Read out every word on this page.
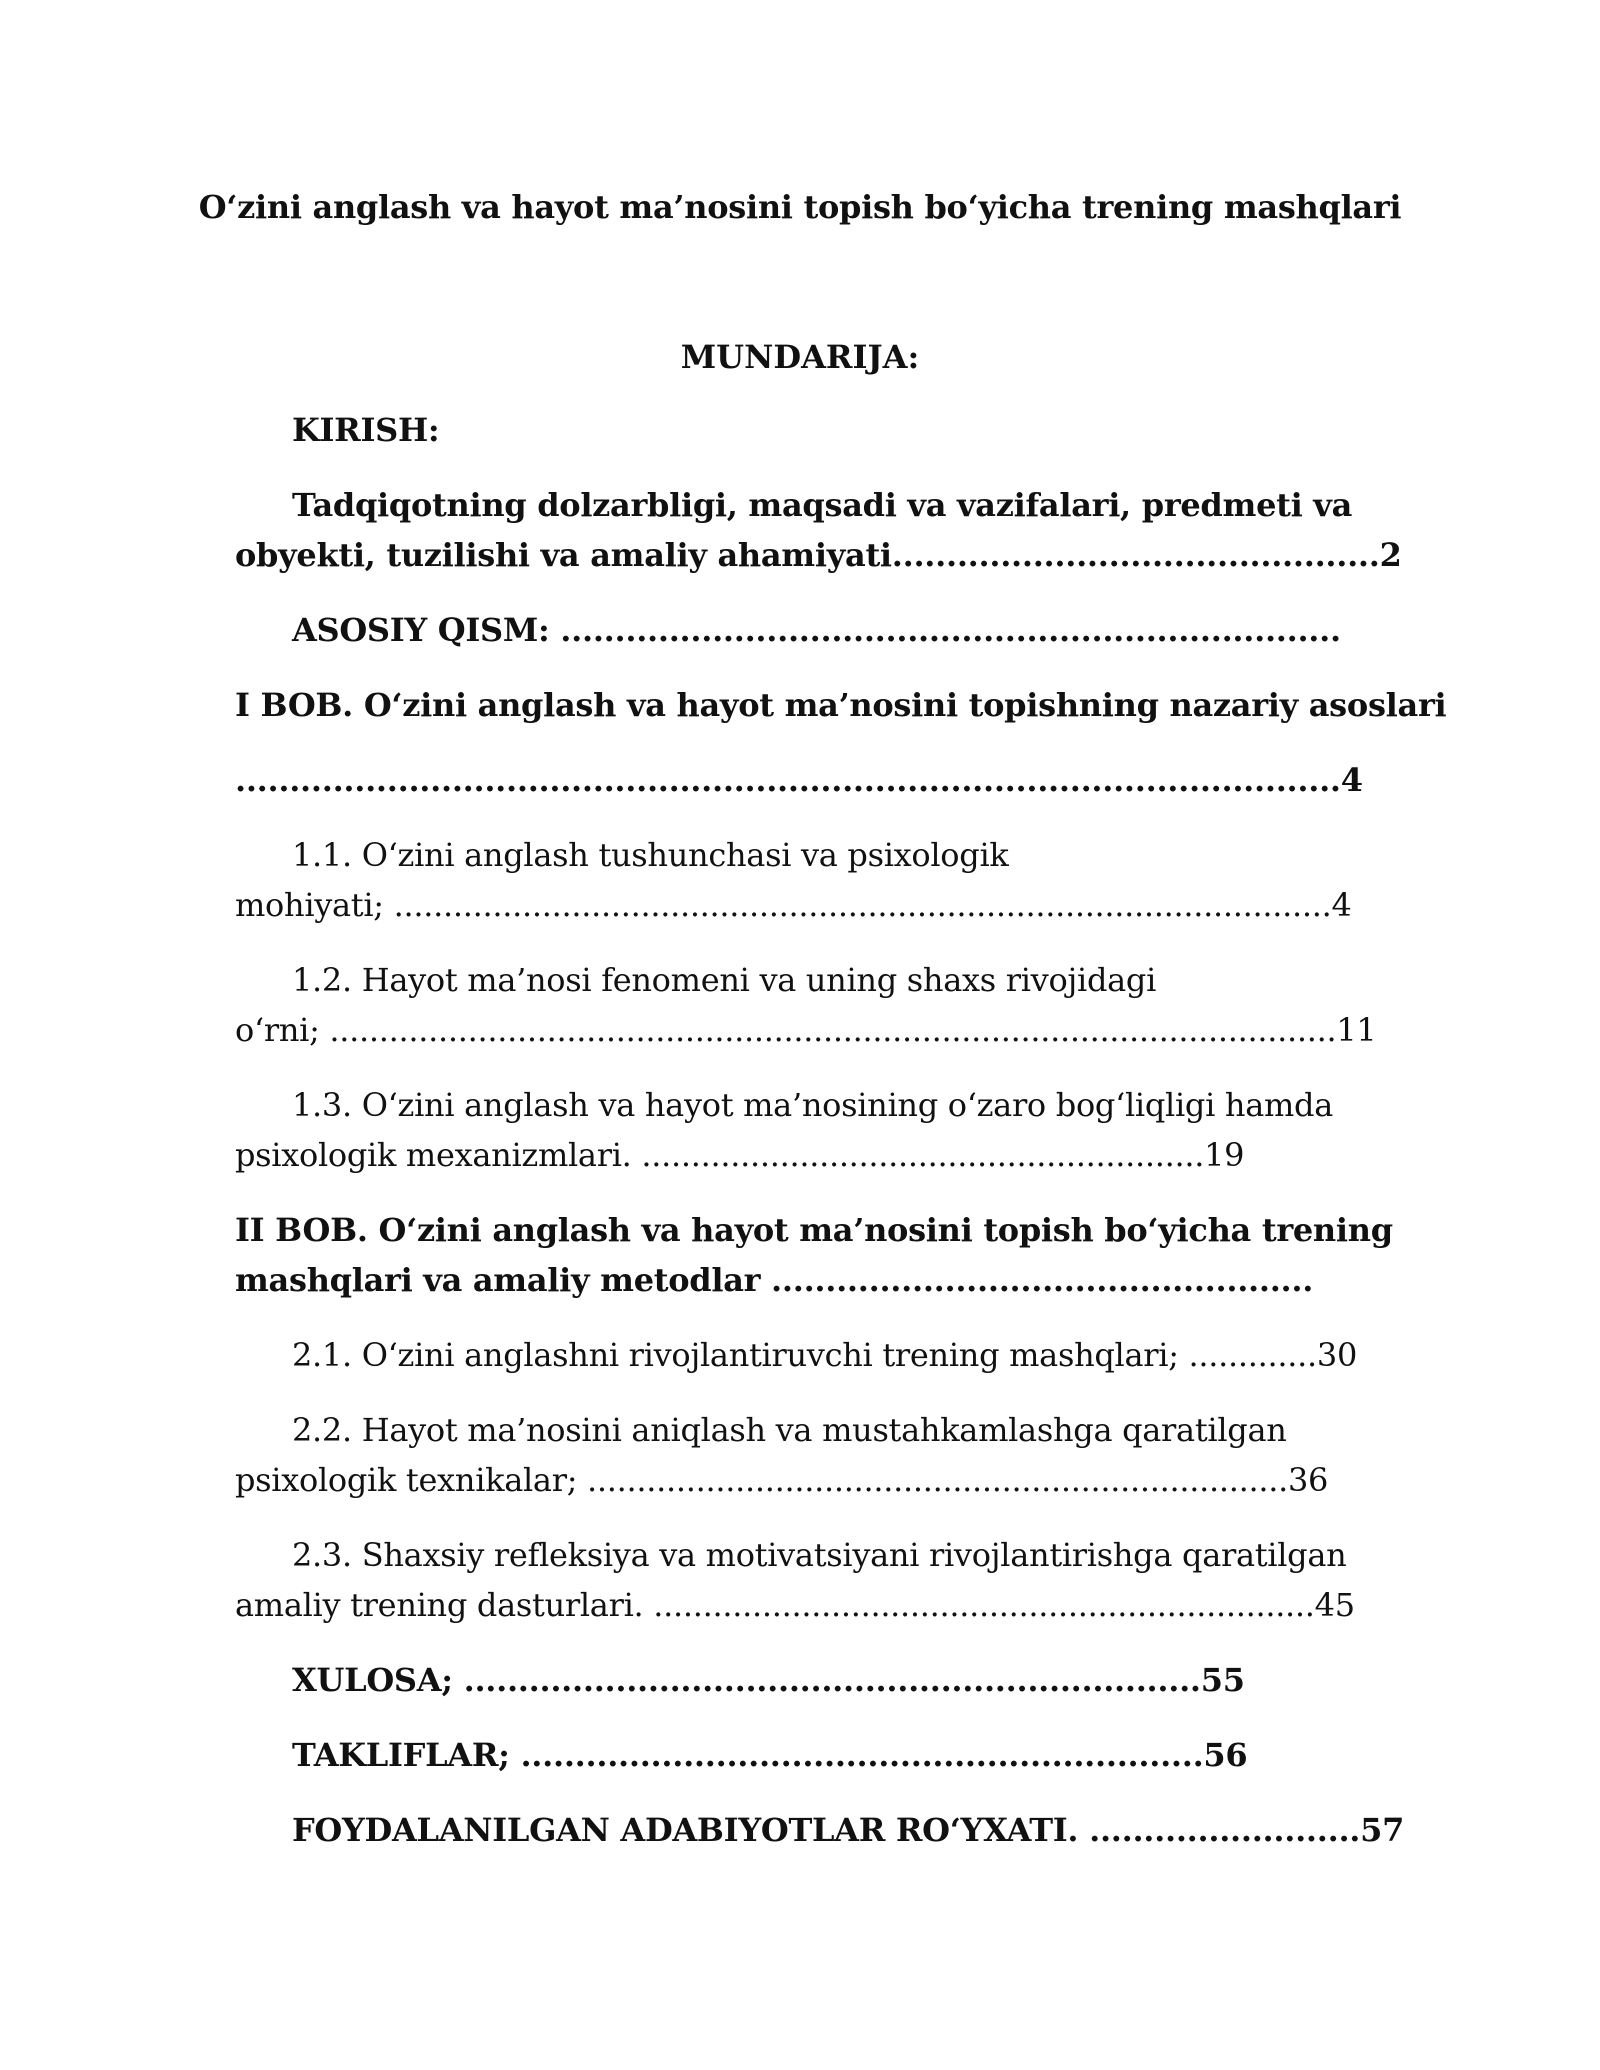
O‘zini anglash va hayot ma’nosini topish bo‘yicha trening mashqlari
MUNDARIJA:
KIRISH:
Tadqiqotning dolzarbligi, maqsadi va vazifalari, predmeti va
obyekti, tuzilishi va amaliy ahamiyati.............................................2
ASOSIY QISM: ........................................................................
I BOB. O‘zini anglash va hayot ma’nosini topishning nazariy asoslari
......................................................................................................4
1.1. O‘zini anglash tushunchasi va psixologik
mohiyati; ...............................................................................................4
1.2. Hayot ma’nosi fenomeni va uning shaxs rivojidagi
o‘rni; ......................................................................................................11
1.3. O‘zini anglash va hayot ma’nosining o‘zaro bog‘liqligi hamda
psixologik mexanizmlari. .........................................................19
II BOB. O‘zini anglash va hayot ma’nosini topish bo‘yicha trening
mashqlari va amaliy metodlar ..................................................
2.1. O‘zini anglashni rivojlantiruvchi trening mashqlari; .............30
2.2. Hayot ma’nosini aniqlash va mustahkamlashga qaratilgan
psixologik texnikalar; .......................................................................36
2.3. Shaxsiy refleksiya va motivatsiyani rivojlantirishga qaratilgan
amaliy trening dasturlari. ...................................................................45
XULOSA; ....................................................................55
TAKLIFLAR; ...............................................................56
FOYDALANILGAN ADABIYOTLAR RO‘YXATI. .........................57
